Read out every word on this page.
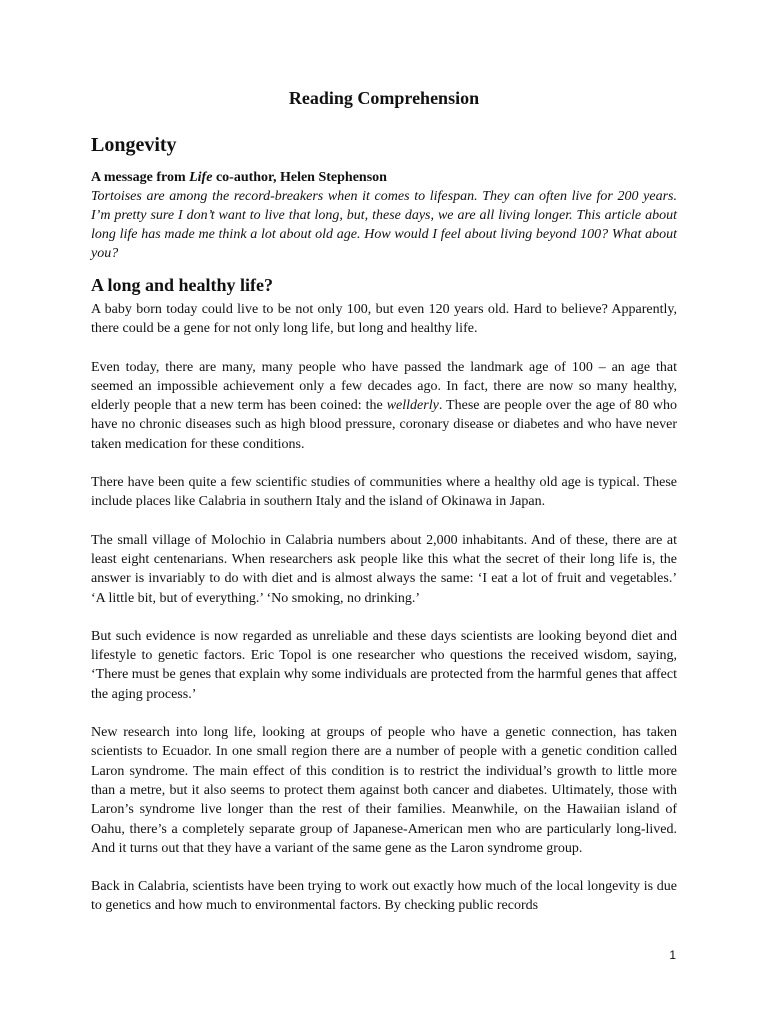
Reading Comprehension
Longevity

A message from Life co-author, Helen Stephenson

Tortoises are among the record-breakers when it comes to lifespan. They can often live for 200 years. I’m pretty sure I don’t want to live that long, but, these days, we are all living longer. This article about long life has made me think a lot about old age. How would I feel about living beyond 100? What about you?

A long and healthy life?

A baby born today could live to be not only 100, but even 120 years old. Hard to believe? Apparently, there could be a gene for not only long life, but long and healthy life.

Even today, there are many, many people who have passed the landmark age of 100 – an age that seemed an impossible achievement only a few decades ago. In fact, there are now so many healthy, elderly people that a new term has been coined: the wellderly. These are people over the age of 80 who have no chronic diseases such as high blood pressure, coronary disease or diabetes and who have never taken medication for these conditions.

There have been quite a few scientific studies of communities where a healthy old age is typical. These include places like Calabria in southern Italy and the island of Okinawa in Japan.

The small village of Molochio in Calabria numbers about 2,000 inhabitants. And of these, there are at least eight centenarians. When researchers ask people like this what the secret of their long life is, the answer is invariably to do with diet and is almost always the same: ‘I eat a lot of fruit and vegetables.’ ‘A little bit, but of everything.’ ‘No smoking, no drinking.’

But such evidence is now regarded as unreliable and these days scientists are looking beyond diet and lifestyle to genetic factors. Eric Topol is one researcher who questions the received wisdom, saying, ‘There must be genes that explain why some individuals are protected from the harmful genes that affect the aging process.’

New research into long life, looking at groups of people who have a genetic connection, has taken scientists to Ecuador. In one small region there are a number of people with a genetic condition called Laron syndrome. The main effect of this condition is to restrict the individual’s growth to little more than a metre, but it also seems to protect them against both cancer and diabetes. Ultimately, those with Laron’s syndrome live longer than the rest of their families. Meanwhile, on the Hawaiian island of Oahu, there’s a completely separate group of Japanese-American men who are particularly long-lived. And it turns out that they have a variant of the same gene as the Laron syndrome group.

Back in Calabria, scientists have been trying to work out exactly how much of the local longevity is due to genetics and how much to environmental factors. By checking public records

1
